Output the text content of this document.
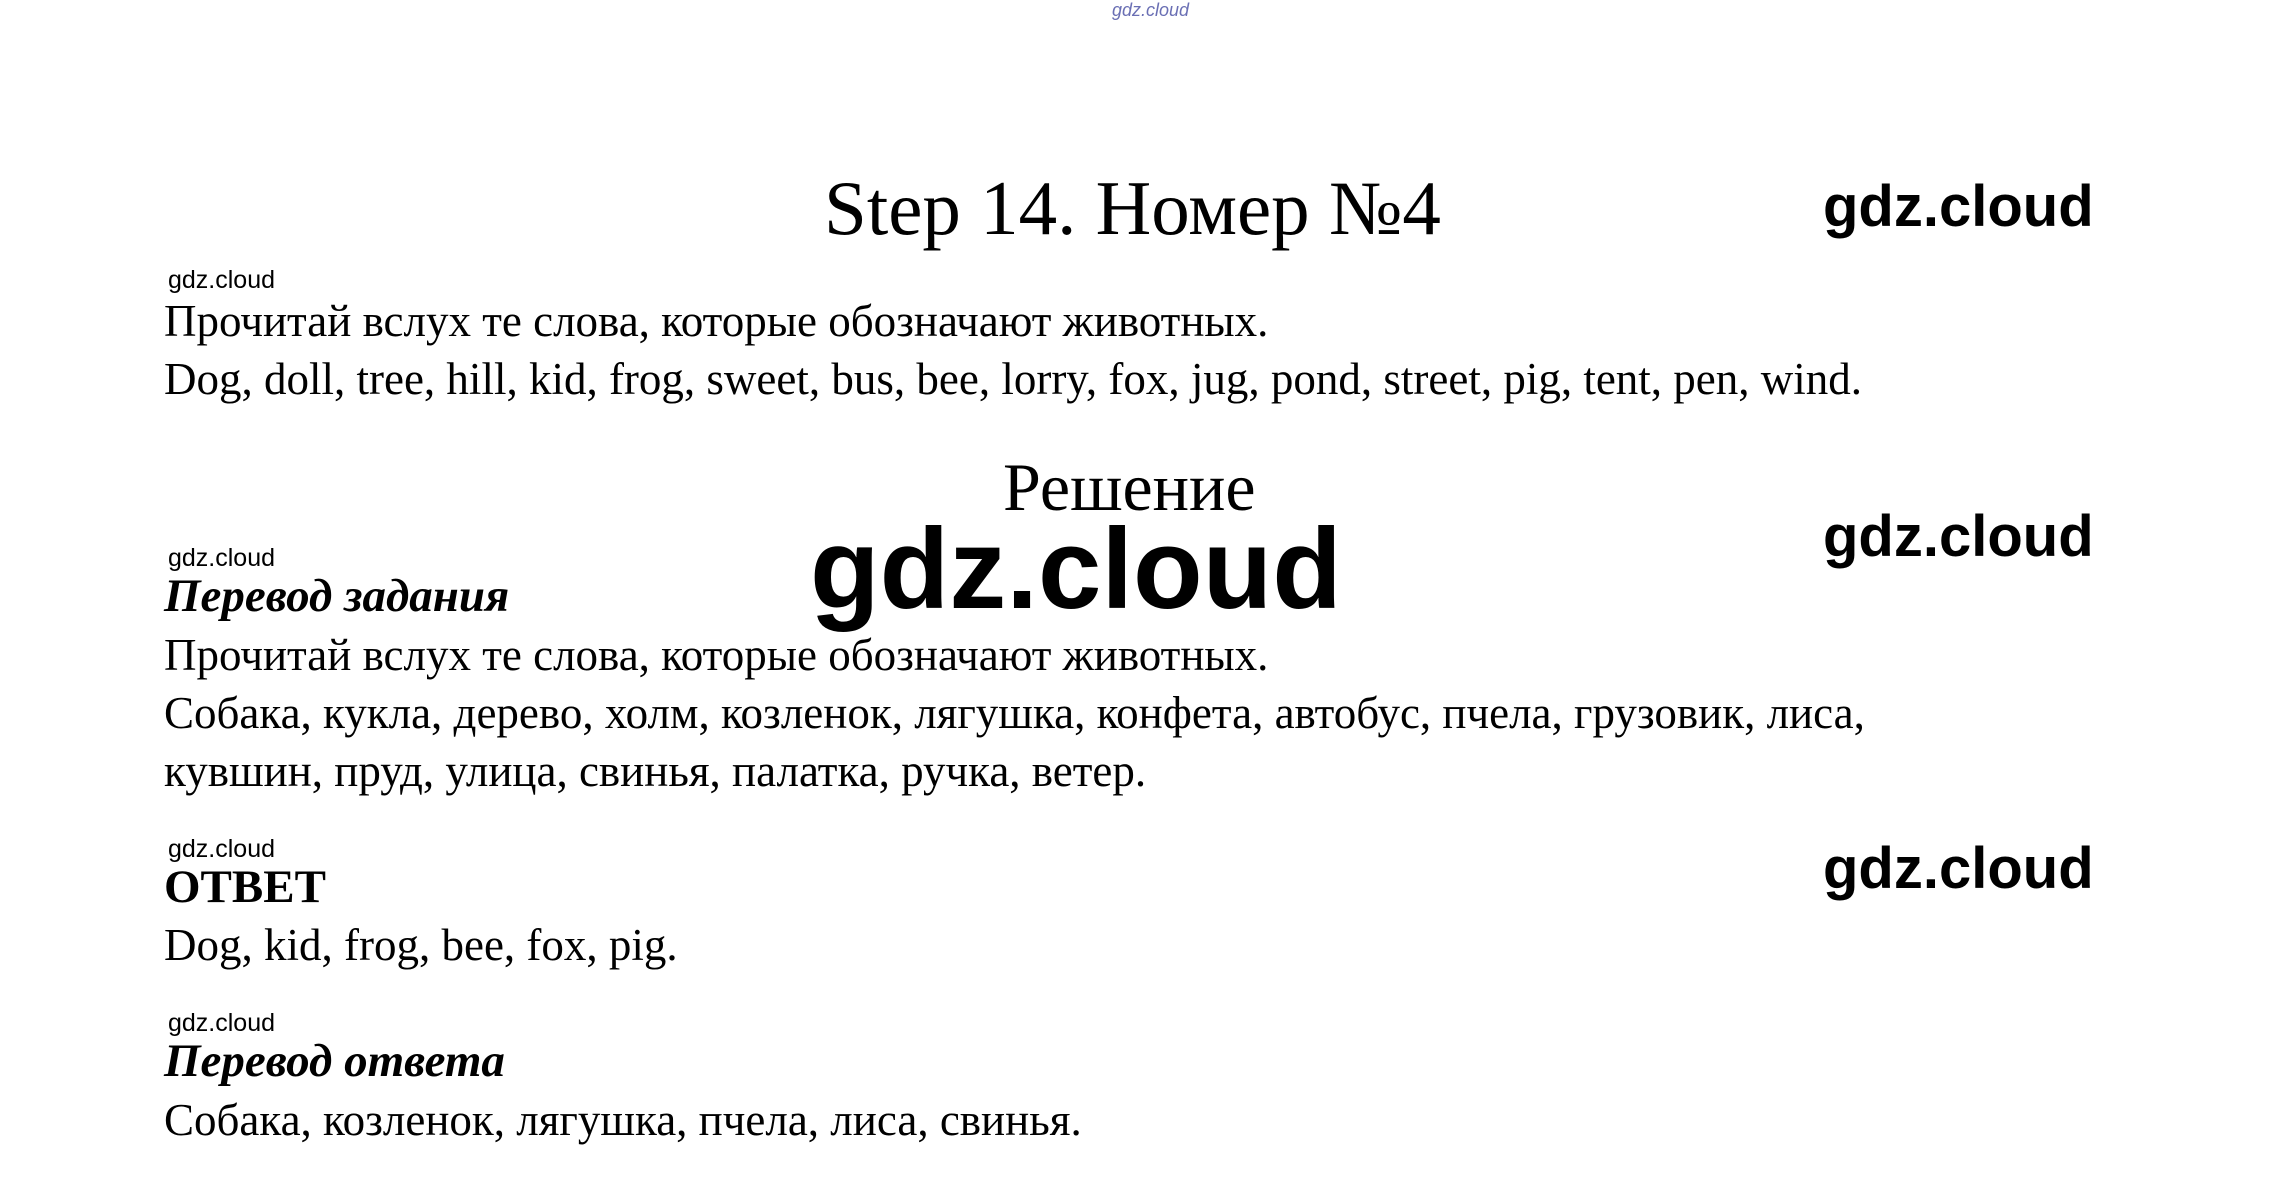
gdz.cloud
Step 14. Номер №4	gdz.cloud
gdz.cloud
Прочитай вслух те слова, которые обозначают животных.
Dog, doll, tree, hill, kid, frog, sweet, bus, bee, lorry, fox, jug, pond, street, pig, tent, pen, wind.
Решение
gdz.cloud
gdz.cloud
gdz.cloud
Перевод задания
Прочитай вслух те слова, которые обозначают животных.
Собака, кукла, дерево, холм, козленок, лягушка, конфета, автобус, пчела, грузовик, лиса,
кувшин, пруд, улица, свинья, палатка, ручка, ветер.
gdz.cloud	gdz.cloud
ОТВЕТ
Dog, kid, frog, bee, fox, pig.
gdz.cloud
Перевод ответа
Собака, козленок, лягушка, пчела, лиса, свинья.
